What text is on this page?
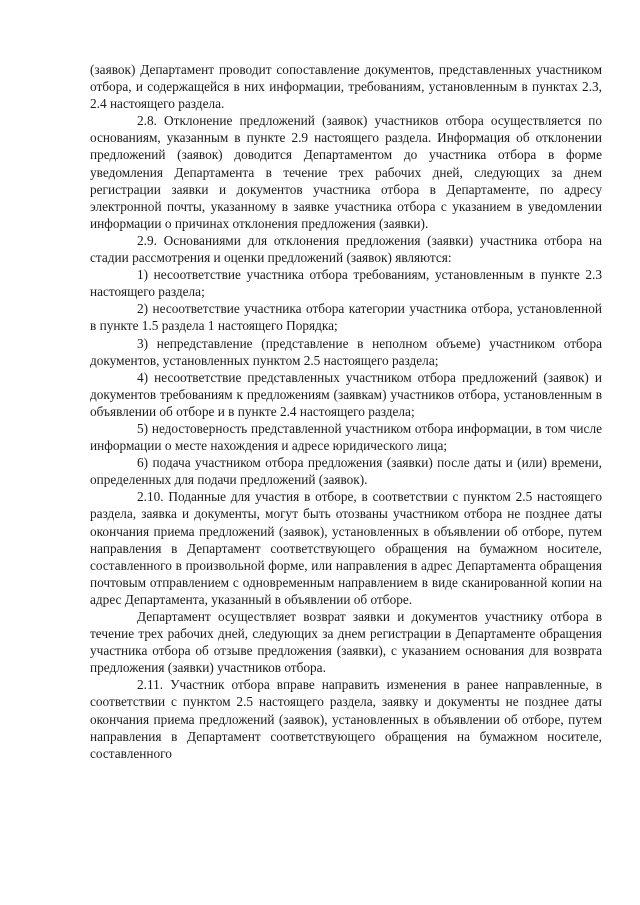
(заявок) Департамент проводит сопоставление документов, представленных участником отбора, и содержащейся в них информации, требованиям, установленным в пунктах 2.3, 2.4 настоящего раздела.

2.8. Отклонение предложений (заявок) участников отбора осуществляется по основаниям, указанным в пункте 2.9 настоящего раздела. Информация об отклонении предложений (заявок) доводится Департаментом до участника отбора в форме уведомления Департамента в течение трех рабочих дней, следующих за днем регистрации заявки и документов участника отбора в Департаменте, по адресу электронной почты, указанному в заявке участника отбора с указанием в уведомлении информации о причинах отклонения предложения (заявки).

2.9. Основаниями для отклонения предложения (заявки) участника отбора на стадии рассмотрения и оценки предложений (заявок) являются:

1) несоответствие участника отбора требованиям, установленным в пункте 2.3 настоящего раздела;

2) несоответствие участника отбора категории участника отбора, установленной в пункте 1.5 раздела 1 настоящего Порядка;

3) непредставление (представление в неполном объеме) участником отбора документов, установленных пунктом 2.5 настоящего раздела;

4) несоответствие представленных участником отбора предложений (заявок) и документов требованиям к предложениям (заявкам) участников отбора, установленным в объявлении об отборе и в пункте 2.4 настоящего раздела;

5) недостоверность представленной участником отбора информации, в том числе информации о месте нахождения и адресе юридического лица;

6) подача участником отбора предложения (заявки) после даты и (или) времени, определенных для подачи предложений (заявок).

2.10. Поданные для участия в отборе, в соответствии с пунктом 2.5 настоящего раздела, заявка и документы, могут быть отозваны участником отбора не позднее даты окончания приема предложений (заявок), установленных в объявлении об отборе, путем направления в Департамент соответствующего обращения на бумажном носителе, составленного в произвольной форме, или направления в адрес Департамента обращения почтовым отправлением с одновременным направлением в виде сканированной копии на адрес Департамента, указанный в объявлении об отборе.

Департамент осуществляет возврат заявки и документов участнику отбора в течение трех рабочих дней, следующих за днем регистрации в Департаменте обращения участника отбора об отзыве предложения (заявки), с указанием основания для возврата предложения (заявки) участников отбора.

2.11. Участник отбора вправе направить изменения в ранее направленные, в соответствии с пунктом 2.5 настоящего раздела, заявку и документы не позднее даты окончания приема предложений (заявок), установленных в объявлении об отборе, путем направления в Департамент соответствующего обращения на бумажном носителе, составленного
